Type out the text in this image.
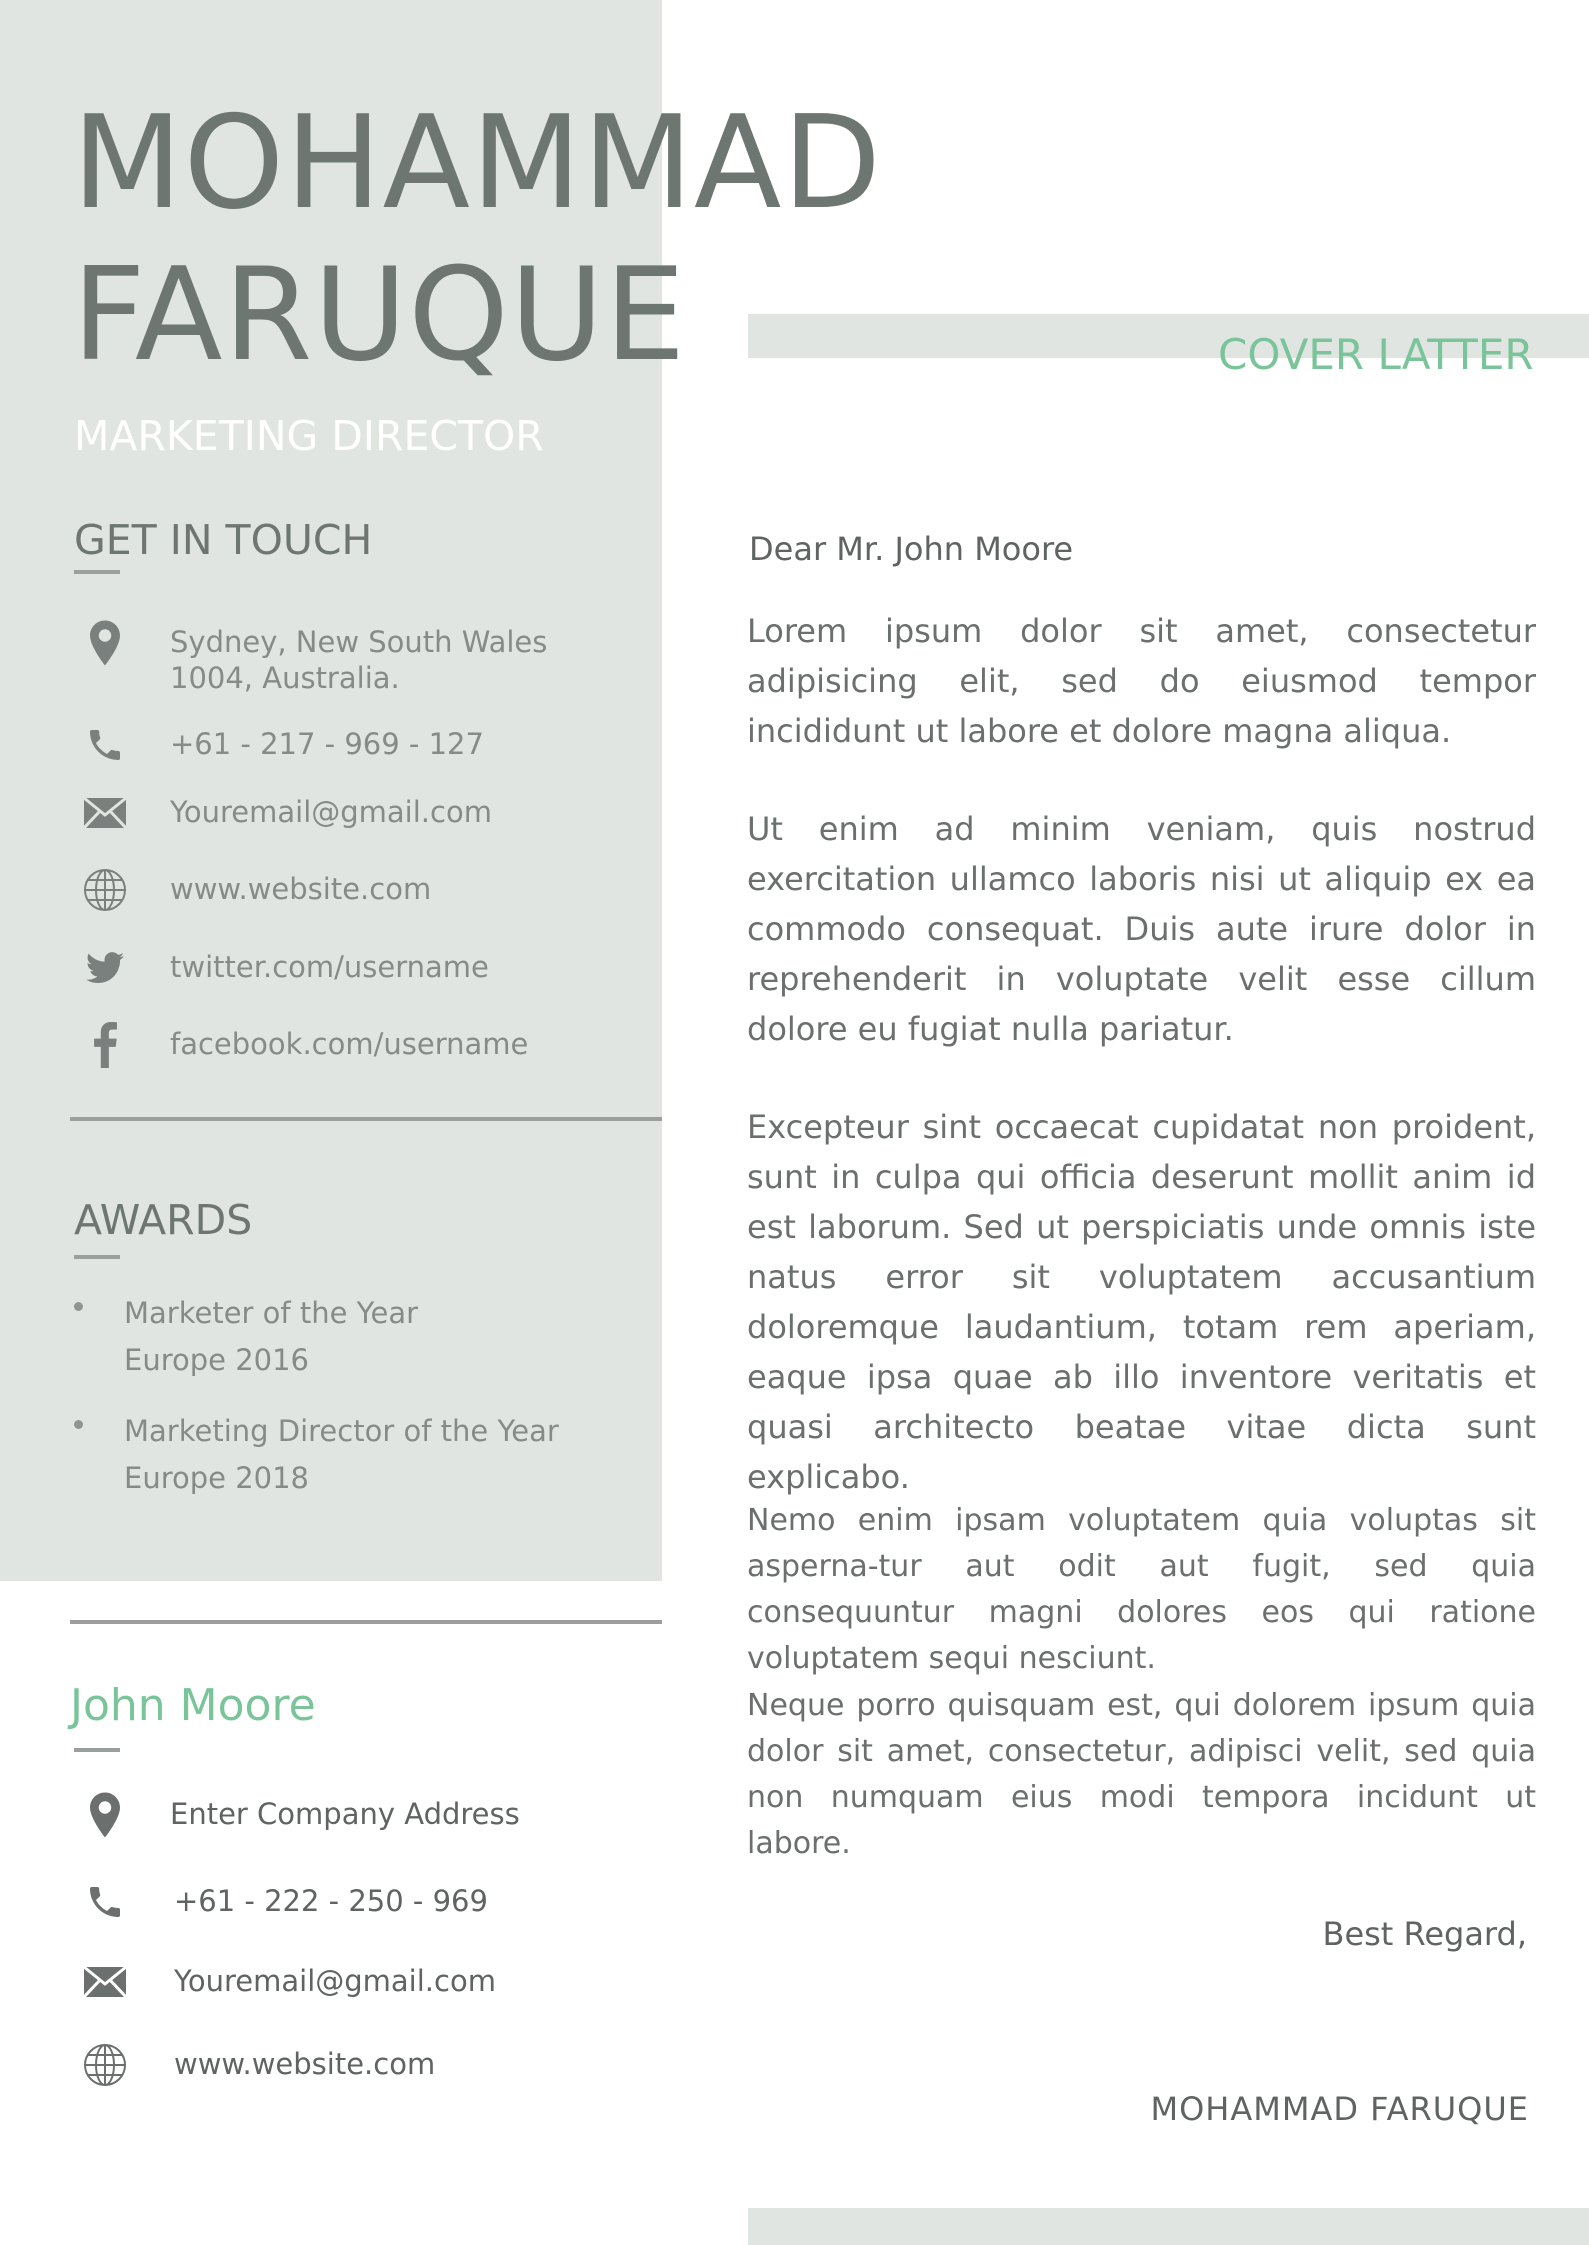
MOHAMMAD
FARUQUE
MARKETING DIRECTOR
COVER LATTER
GET IN TOUCH
Sydney, New South Wales
1004, Australia.
+61 - 217 - 969 - 127
Youremail@gmail.com
www.website.com
twitter.com/username
facebook.com/username
AWARDS
Marketer of the Year
Europe 2016
Marketing Director of the Year
Europe 2018
John Moore
Enter Company Address
+61 - 222 - 250 - 969
Youremail@gmail.com
www.website.com
Dear Mr. John Moore
Lorem ipsum dolor sit amet, consectetur adipisicing elit, sed do eiusmod tempor incididunt ut labore et dolore magna aliqua.
Ut enim ad minim veniam, quis nostrud exercitation ullamco laboris nisi ut aliquip ex ea commodo consequat. Duis aute irure dolor in reprehenderit in voluptate velit esse cillum dolore eu fugiat nulla pariatur.
Excepteur sint occaecat cupidatat non proident, sunt in culpa qui officia deserunt mollit anim id est laborum. Sed ut perspiciatis unde omnis iste natus error sit voluptatem accusantium doloremque laudantium, totam rem aperiam, eaque ipsa quae ab illo inventore veritatis et quasi architecto beatae vitae dicta sunt explicabo.
Nemo enim ipsam voluptatem quia voluptas sit asperna-tur aut odit aut fugit, sed quia consequuntur magni dolores eos qui ratione voluptatem sequi nesciunt.
Neque porro quisquam est, qui dolorem ipsum quia dolor sit amet, consectetur, adipisci velit, sed quia non numquam eius modi tempora incidunt ut labore.
Best Regard,
MOHAMMAD FARUQUE
